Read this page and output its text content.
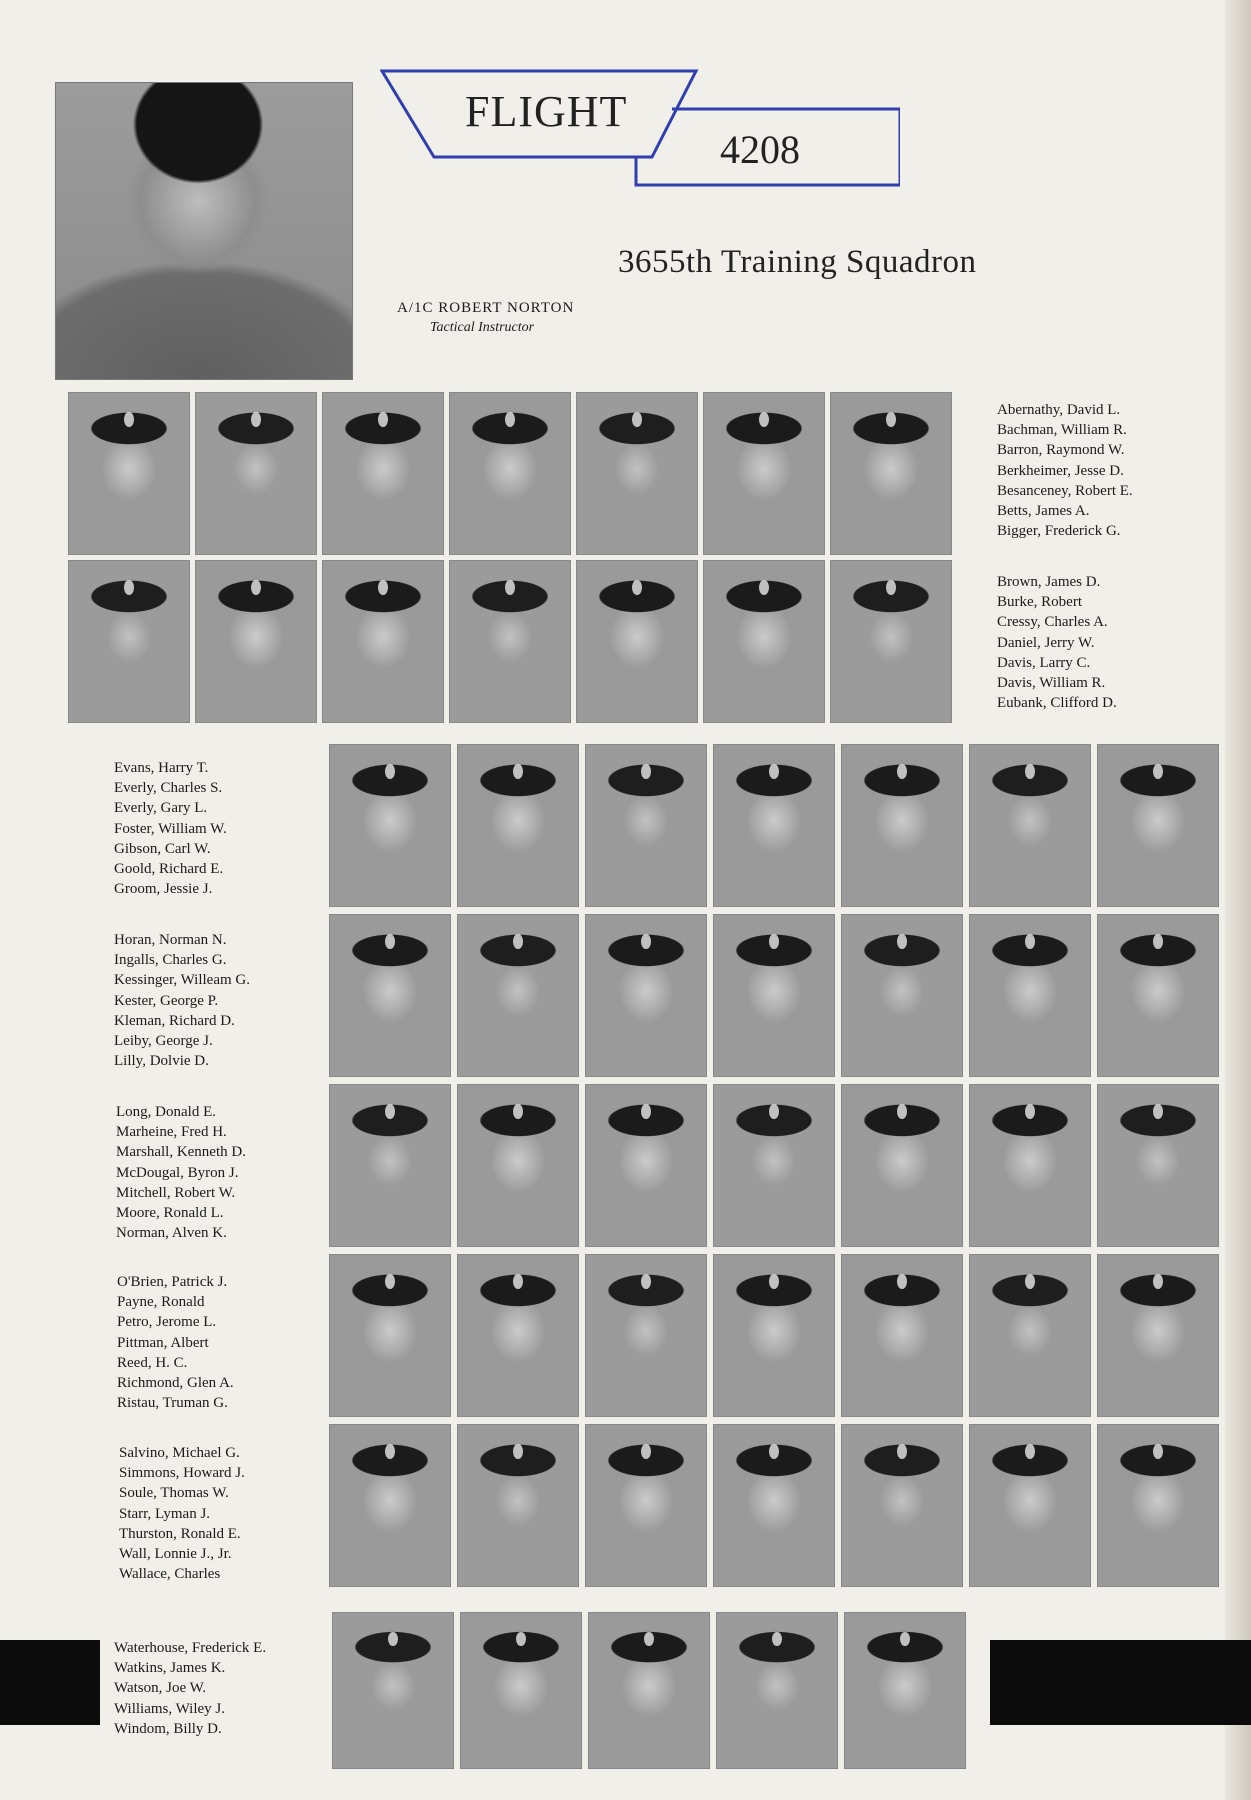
FLIGHT
4208
3655th Training Squadron
A/1C ROBERT NORTON
Tactical Instructor
Abernathy, David L.
Bachman, William R.
Barron, Raymond W.
Berkheimer, Jesse D.
Besanceney, Robert E.
Betts, James A.
Bigger, Frederick G.
Brown, James D.
Burke, Robert
Cressy, Charles A.
Daniel, Jerry W.
Davis, Larry C.
Davis, William R.
Eubank, Clifford D.
Evans, Harry T.
Everly, Charles S.
Everly, Gary L.
Foster, William W.
Gibson, Carl W.
Goold, Richard E.
Groom, Jessie J.
Horan, Norman N.
Ingalls, Charles G.
Kessinger, Willeam G.
Kester, George P.
Kleman, Richard D.
Leiby, George J.
Lilly, Dolvie D.
Long, Donald E.
Marheine, Fred H.
Marshall, Kenneth D.
McDougal, Byron J.
Mitchell, Robert W.
Moore, Ronald L.
Norman, Alven K.
O'Brien, Patrick J.
Payne, Ronald
Petro, Jerome L.
Pittman, Albert
Reed, H. C.
Richmond, Glen A.
Ristau, Truman G.
Salvino, Michael G.
Simmons, Howard J.
Soule, Thomas W.
Starr, Lyman J.
Thurston, Ronald E.
Wall, Lonnie J., Jr.
Wallace, Charles
Waterhouse, Frederick E.
Watkins, James K.
Watson, Joe W.
Williams, Wiley J.
Windom, Billy D.
